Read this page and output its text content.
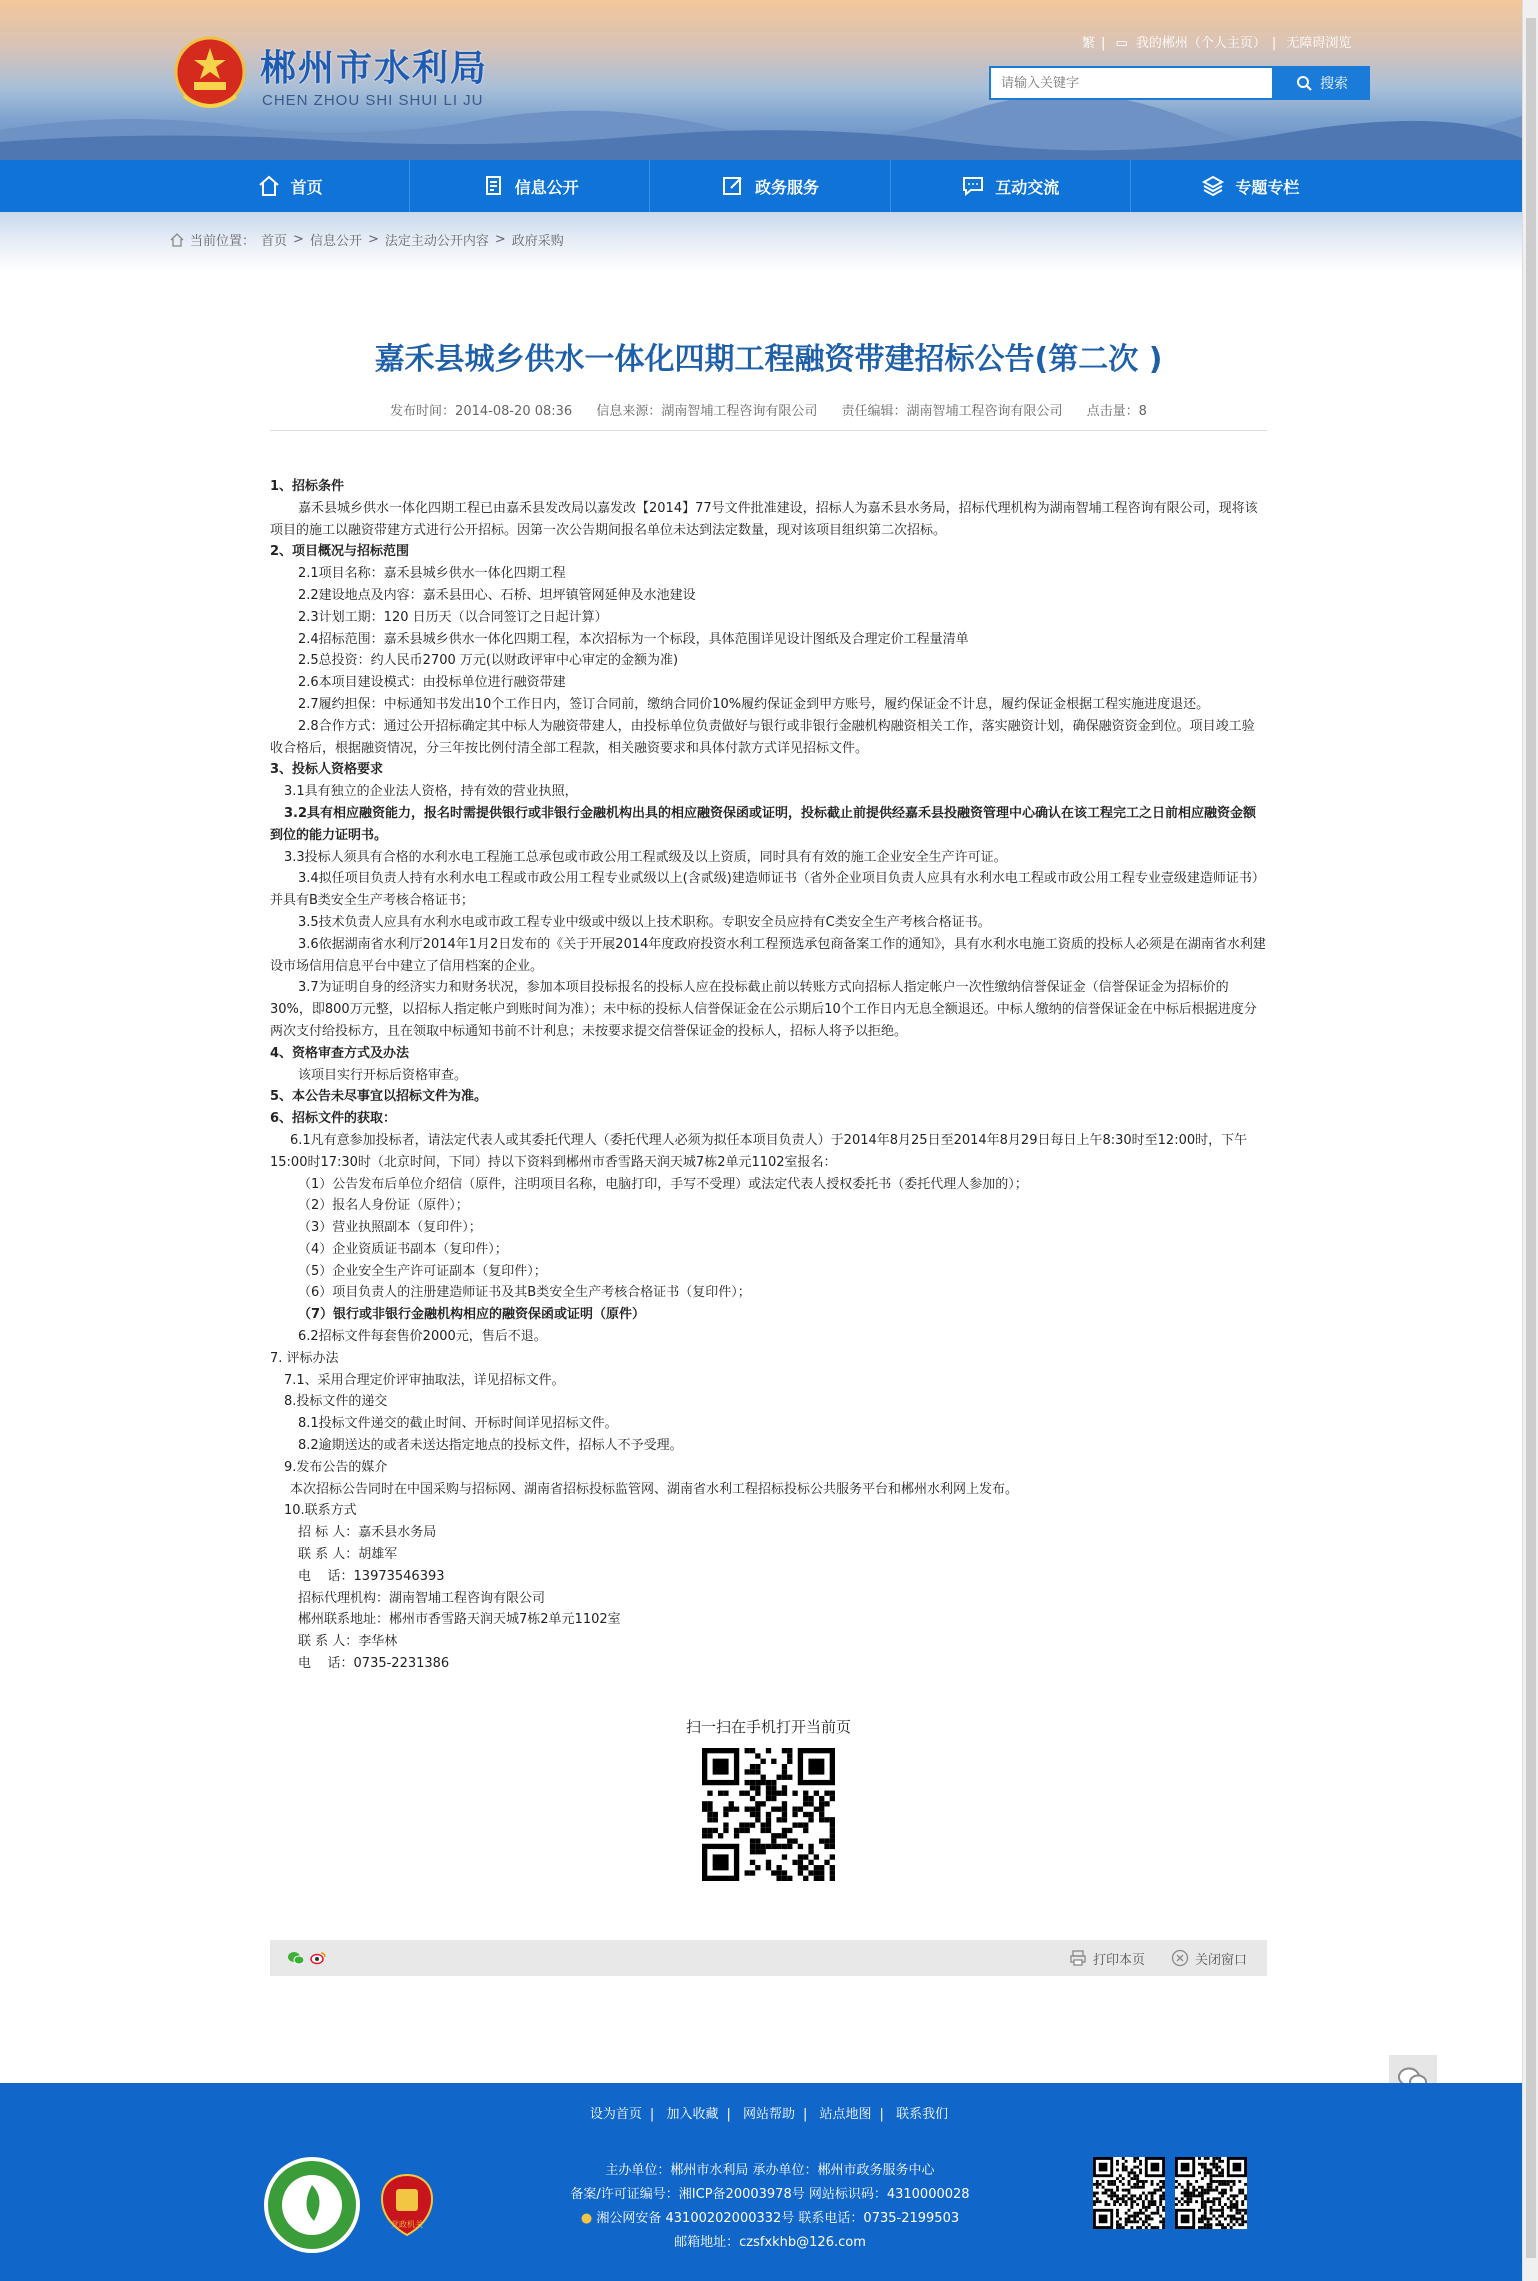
郴州市水利局
CHEN ZHOU SHI SHUI LI JU
繁 | ▭ 我的郴州（个人主页） | 无障碍浏览
请输入关键字
搜索
首页	信息公开	政务服务	互动交流	专题专栏
当前位置： 首页 > 信息公开 > 法定主动公开内容 > 政府采购
嘉禾县城乡供水一体化四期工程融资带建招标公告(第二次 )
发布时间：2014-08-20 08:36 信息来源：湖南智埔工程咨询有限公司 责任编辑：湖南智埔工程咨询有限公司 点击量：8

1、招标条件

嘉禾县城乡供水一体化四期工程已由嘉禾县发改局以嘉发改【2014】77号文件批准建设，招标人为嘉禾县水务局，招标代理机构为湖南智埔工程咨询有限公司，现将该项目的施工以融资带建方式进行公开招标。因第一次公告期间报名单位未达到法定数量，现对该项目组织第二次招标。

2、项目概况与招标范围

2.1项目名称：嘉禾县城乡供水一体化四期工程

2.2建设地点及内容：嘉禾县田心、石桥、坦坪镇管网延伸及水池建设

2.3计划工期：120 日历天（以合同签订之日起计算）

2.4招标范围：嘉禾县城乡供水一体化四期工程，本次招标为一个标段，具体范围详见设计图纸及合理定价工程量清单

2.5总投资：约人民币2700 万元(以财政评审中心审定的金额为准)

2.6本项目建设模式：由投标单位进行融资带建

2.7履约担保：中标通知书发出10个工作日内，签订合同前，缴纳合同价10%履约保证金到甲方账号，履约保证金不计息，履约保证金根据工程实施进度退还。

2.8合作方式：通过公开招标确定其中标人为融资带建人，由投标单位负责做好与银行或非银行金融机构融资相关工作，落实融资计划，确保融资资金到位。项目竣工验收合格后，根据融资情况，分三年按比例付清全部工程款，相关融资要求和具体付款方式详见招标文件。

3、投标人资格要求

3.1具有独立的企业法人资格，持有效的营业执照，

3.2具有相应融资能力，报名时需提供银行或非银行金融机构出具的相应融资保函或证明，投标截止前提供经嘉禾县投融资管理中心确认在该工程完工之日前相应融资金额到位的能力证明书。

3.3投标人须具有合格的水利水电工程施工总承包或市政公用工程贰级及以上资质，同时具有有效的施工企业安全生产许可证。

3.4拟任项目负责人持有水利水电工程或市政公用工程专业贰级以上(含贰级)建造师证书（省外企业项目负责人应具有水利水电工程或市政公用工程专业壹级建造师证书）并具有B类安全生产考核合格证书；

3.5技术负责人应具有水利水电或市政工程专业中级或中级以上技术职称。专职安全员应持有C类安全生产考核合格证书。

3.6依据湖南省水利厅2014年1月2日发布的《关于开展2014年度政府投资水利工程预选承包商备案工作的通知》，具有水利水电施工资质的投标人必须是在湖南省水利建设市场信用信息平台中建立了信用档案的企业。

3.7为证明自身的经济实力和财务状况，参加本项目投标报名的投标人应在投标截止前以转账方式向招标人指定帐户一次性缴纳信誉保证金（信誉保证金为招标价的30%，即800万元整，以招标人指定帐户到账时间为准）；未中标的投标人信誉保证金在公示期后10个工作日内无息全额退还。中标人缴纳的信誉保证金在中标后根据进度分两次支付给投标方，且在领取中标通知书前不计利息；未按要求提交信誉保证金的投标人，招标人将予以拒绝。

4、资格审查方式及办法

该项目实行开标后资格审查。

5、本公告未尽事宜以招标文件为准。

6、招标文件的获取：

6.1凡有意参加投标者，请法定代表人或其委托代理人（委托代理人必须为拟任本项目负责人）于2014年8月25日至2014年8月29日每日上午8:30时至12:00时，下午15:00时17:30时（北京时间，下同）持以下资料到郴州市香雪路天润天城7栋2单元1102室报名：

（1）公告发布后单位介绍信（原件，注明项目名称，电脑打印，手写不受理）或法定代表人授权委托书（委托代理人参加的）；

（2）报名人身份证（原件）；

（3）营业执照副本（复印件）；

（4）企业资质证书副本（复印件）；

（5）企业安全生产许可证副本（复印件）；

（6）项目负责人的注册建造师证书及其B类安全生产考核合格证书（复印件）；

（7）银行或非银行金融机构相应的融资保函或证明（原件）

6.2招标文件每套售价2000元，售后不退。

7. 评标办法

7.1、采用合理定价评审抽取法，详见招标文件。

8.投标文件的递交

8.1投标文件递交的截止时间、开标时间详见招标文件。

8.2逾期送达的或者未送达指定地点的投标文件，招标人不予受理。

9.发布公告的媒介

本次招标公告同时在中国采购与招标网、湖南省招标投标监管网、湖南省水利工程招标投标公共服务平台和郴州水利网上发布。

10.联系方式

招 标 人：嘉禾县水务局

联 系 人：胡雄军

电    话：13973546393

招标代理机构：湖南智埔工程咨询有限公司

郴州联系地址：郴州市香雪路天润天城7栋2单元1102室

联 系 人：李华林

电    话：0735-2231386

扫一扫在手机打开当前页
打印本页	关闭窗口
设为首页 | 加入收藏 | 网站帮助 | 站点地图 | 联系我们
党政机关
主办单位：郴州市水利局 承办单位：郴州市政务服务中心
备案/许可证编号：湘ICP备20003978号 网站标识码：4310000028
● 湘公网安备 43100202000332号 联系电话：0735-2199503
邮箱地址：czsfxkhb@126.com
